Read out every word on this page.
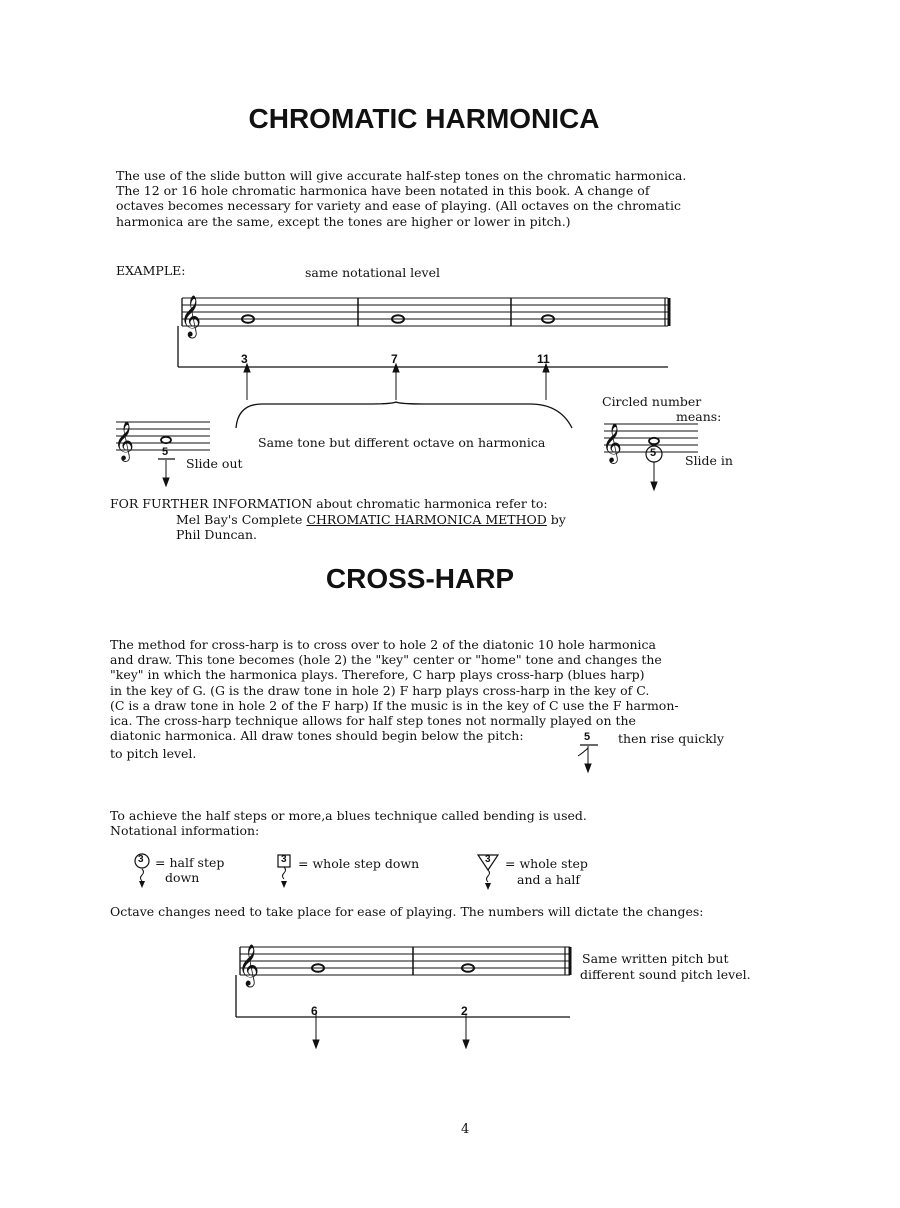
CHROMATIC HARMONICA

The use of the slide button will give accurate half-step tones on the chromatic harmonica.
The 12 or 16 hole chromatic harmonica have been notated in this book. A change of
octaves becomes necessary for variety and ease of playing. (All octaves on the chromatic
harmonica are the same, except the tones are higher or lower in pitch.)

EXAMPLE:	same notational level
𝄞
𝄞	𝄞
3	7	11
Same tone but different octave on harmonica
5
Slide out
Circled number
means:
5 Slide in
FOR FURTHER INFORMATION about chromatic harmonica refer to:
Mel Bay's Complete CHROMATIC HARMONICA METHOD by
Phil Duncan.
CROSS-HARP

The method for cross-harp is to cross over to hole 2 of the diatonic 10 hole harmonica
and draw. This tone becomes (hole 2) the "key" center or "home" tone and changes the
"key" in which the harmonica plays. Therefore, C harp plays cross-harp (blues harp)
in the key of G. (G is the draw tone in hole 2) F harp plays cross-harp in the key of C.
(C is a draw tone in hole 2 of the F harp) If the music is in the key of C use the F harmon-
ica. The cross-harp technique allows for half step tones not normally played on the
diatonic harmonica. All draw tones should begin below the pitch:	5 then rise quickly
to pitch level.
To achieve the half steps or more,a blues technique called bending is used.
Notational information:
3 = half step
down
3 = whole step down	3 = whole step
and a half
Octave changes need to take place for ease of playing. The numbers will dictate the changes:
𝄞
6	2
Same written pitch but
different sound pitch level.
4
